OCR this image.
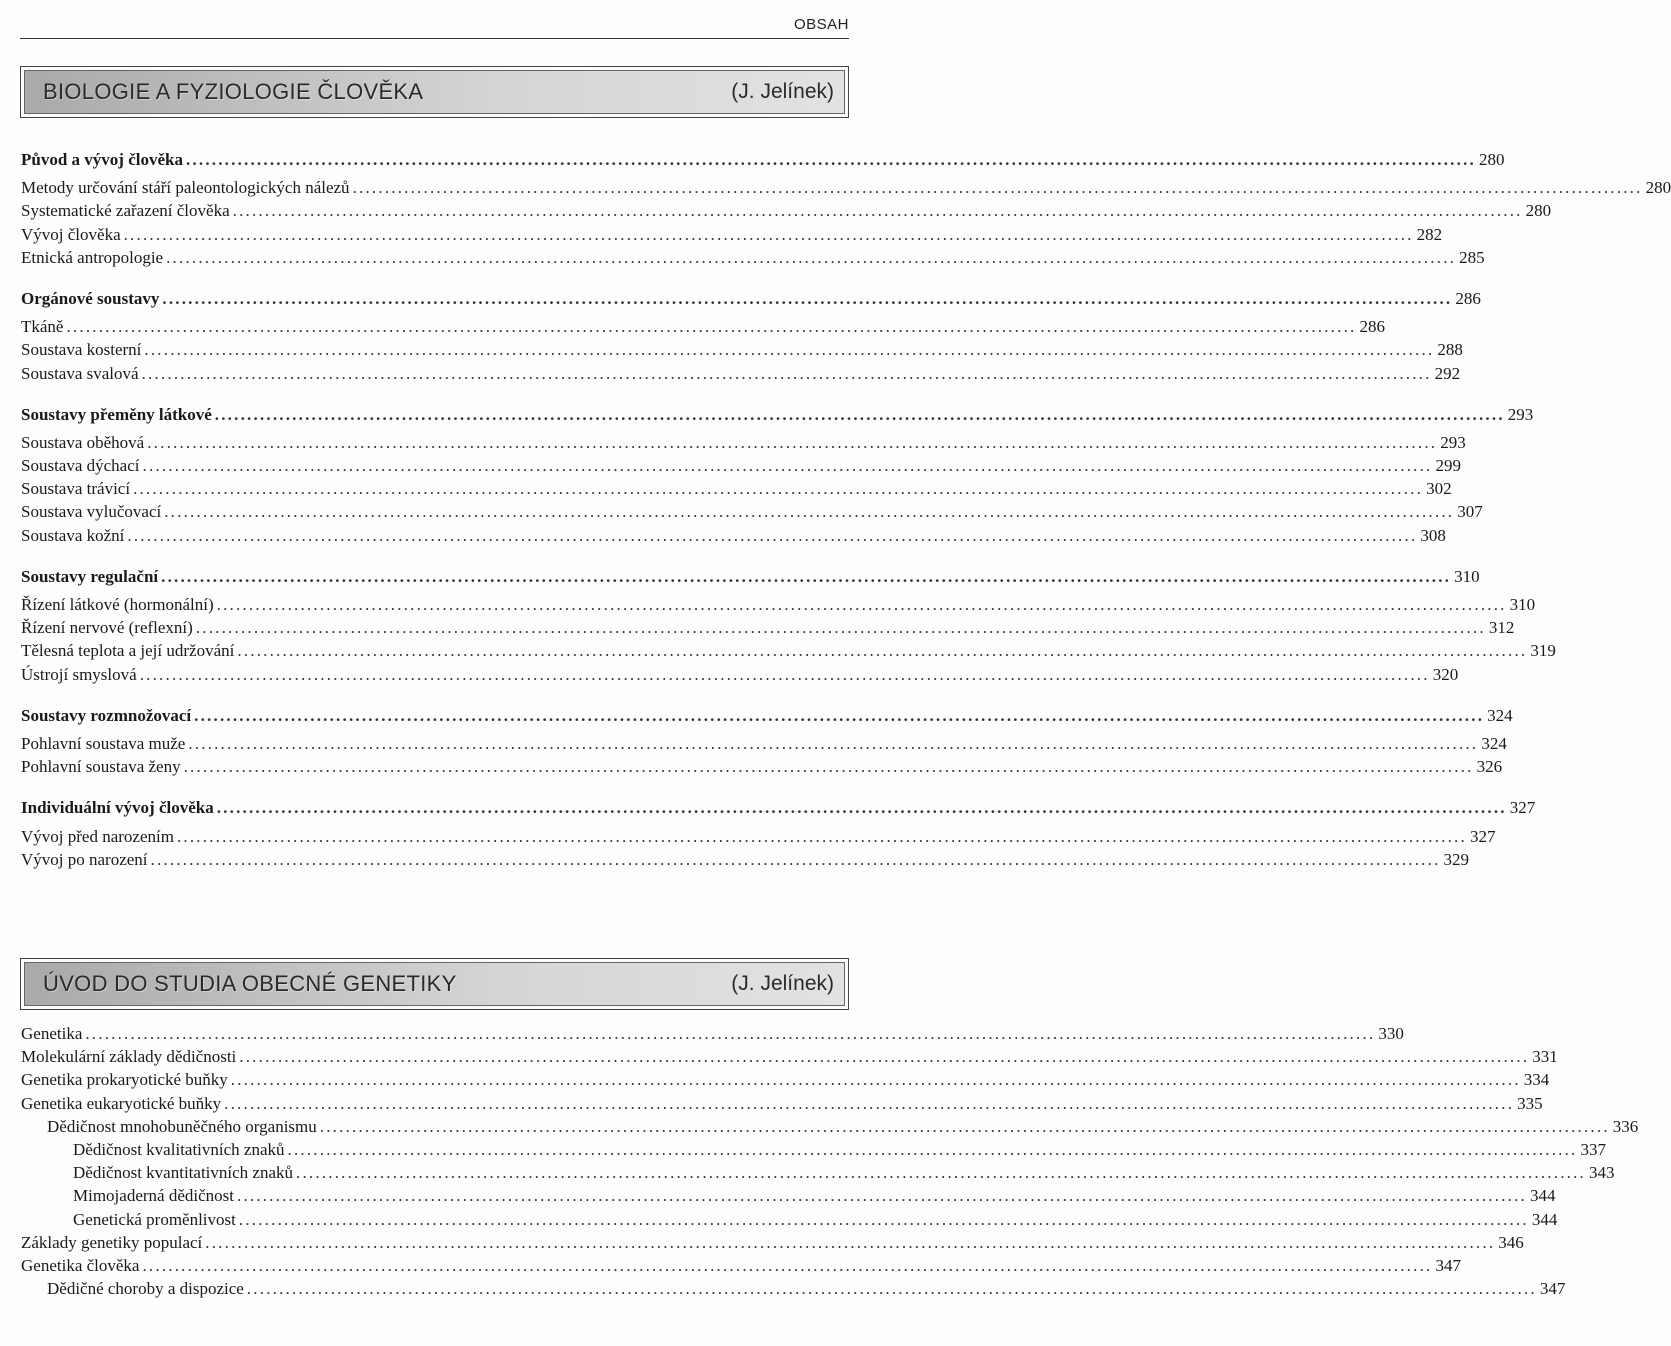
OBSAH
BIOLOGIE A FYZIOLOGIE ČLOVĚKA	(J. Jelínek)
Původ a vývoj člověka ........................................................................................................................................................................................................ 280
Metody určování stáří paleontologických nálezů ........................................................................................................................................................................................................ 280
Systematické zařazení člověka ........................................................................................................................................................................................................ 280
Vývoj člověka ........................................................................................................................................................................................................ 282
Etnická antropologie ........................................................................................................................................................................................................ 285
Orgánové soustavy ........................................................................................................................................................................................................ 286
Tkáně ........................................................................................................................................................................................................ 286
Soustava kosterní ........................................................................................................................................................................................................ 288
Soustava svalová ........................................................................................................................................................................................................ 292
Soustavy přeměny látkové ........................................................................................................................................................................................................ 293
Soustava oběhová ........................................................................................................................................................................................................ 293
Soustava dýchací ........................................................................................................................................................................................................ 299
Soustava trávicí ........................................................................................................................................................................................................ 302
Soustava vylučovací ........................................................................................................................................................................................................ 307
Soustava kožní ........................................................................................................................................................................................................ 308
Soustavy regulační ........................................................................................................................................................................................................ 310
Řízení látkové (hormonální) ........................................................................................................................................................................................................ 310
Řízení nervové (reflexní) ........................................................................................................................................................................................................ 312
Tělesná teplota a její udržování ........................................................................................................................................................................................................ 319
Ústrojí smyslová ........................................................................................................................................................................................................ 320
Soustavy rozmnožovací ........................................................................................................................................................................................................ 324
Pohlavní soustava muže ........................................................................................................................................................................................................ 324
Pohlavní soustava ženy ........................................................................................................................................................................................................ 326
Individuální vývoj člověka ........................................................................................................................................................................................................ 327
Vývoj před narozením ........................................................................................................................................................................................................ 327
Vývoj po narození ........................................................................................................................................................................................................ 329
ÚVOD DO STUDIA OBECNÉ GENETIKY	(J. Jelínek)
Genetika ........................................................................................................................................................................................................ 330
Molekulární základy dědičnosti ........................................................................................................................................................................................................ 331
Genetika prokaryotické buňky ........................................................................................................................................................................................................ 334
Genetika eukaryotické buňky ........................................................................................................................................................................................................ 335
Dědičnost mnohobuněčného organismu ........................................................................................................................................................................................................ 336
Dědičnost kvalitativních znaků ........................................................................................................................................................................................................ 337
Dědičnost kvantitativních znaků ........................................................................................................................................................................................................ 343
Mimojaderná dědičnost ........................................................................................................................................................................................................ 344
Genetická proměnlivost ........................................................................................................................................................................................................ 344
Základy genetiky populací ........................................................................................................................................................................................................ 346
Genetika člověka ........................................................................................................................................................................................................ 347
Dědičné choroby a dispozice ........................................................................................................................................................................................................ 347
